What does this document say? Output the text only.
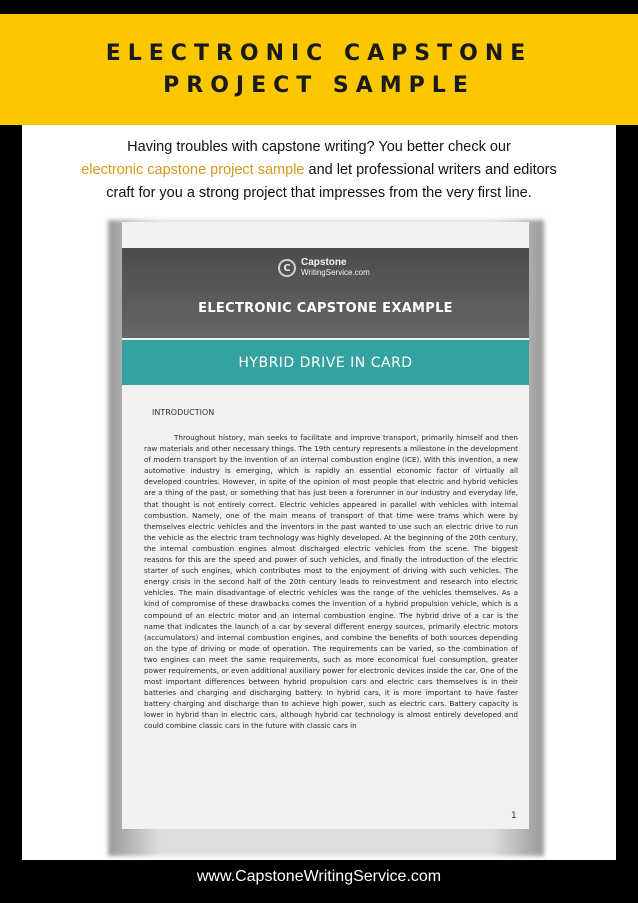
ELECTRONIC CAPSTONE
PROJECT SAMPLE
Having troubles with capstone writing? You better check our
electronic capstone project sample and let professional writers and editors
craft for you a strong project that impresses from the very first line.
C	Capstone
WritingService.com
ELECTRONIC CAPSTONE EXAMPLE
HYBRID DRIVE IN CARD
INTRODUCTION
Throughout history, man seeks to facilitate and improve transport, primarily himself and then raw materials and other necessary things. The 19th century represents a milestone in the development of modern transport by the invention of an internal combustion engine (ICE). With this invention, a new automotive industry is emerging, which is rapidly an essential economic factor of virtually all developed countries. However, in spite of the opinion of most people that electric and hybrid vehicles are a thing of the past, or something that has just been a forerunner in our industry and everyday life, that thought is not entirely correct. Electric vehicles appeared in parallel with vehicles with internal combustion. Namely, one of the main means of transport of that time were trams which were by themselves electric vehicles and the inventors in the past wanted to use such an electric drive to run the vehicle as the electric tram technology was highly developed. At the beginning of the 20th century, the internal combustion engines almost discharged electric vehicles from the scene. The biggest reasons for this are the speed and power of such vehicles, and finally the introduction of the electric starter of such engines, which contributes most to the enjoyment of driving with such vehicles. The energy crisis in the second half of the 20th century leads to reinvestment and research into electric vehicles. The main disadvantage of electric vehicles was the range of the vehicles themselves. As a kind of compromise of these drawbacks comes the invention of a hybrid propulsion vehicle, which is a compound of an electric motor and an internal combustion engine. The hybrid drive of a car is the name that indicates the launch of a car by several different energy sources, primarily electric motors (accumulators) and internal combustion engines, and combine the benefits of both sources depending on the type of driving or mode of operation. The requirements can be varied, so the combination of two engines can meet the same requirements, such as more economical fuel consumption, greater power requirements, or even additional auxiliary power for electronic devices inside the car. One of the most important differences between hybrid propulsion cars and electric cars themselves is in their batteries and charging and discharging battery. In hybrid cars, it is more important to have faster battery charging and discharge than to achieve high power, such as electric cars. Battery capacity is lower in hybrid than in electric cars, although hybrid car technology is almost entirely developed and could combine classic cars in the future with classic cars in
1
www.CapstoneWritingService.com
